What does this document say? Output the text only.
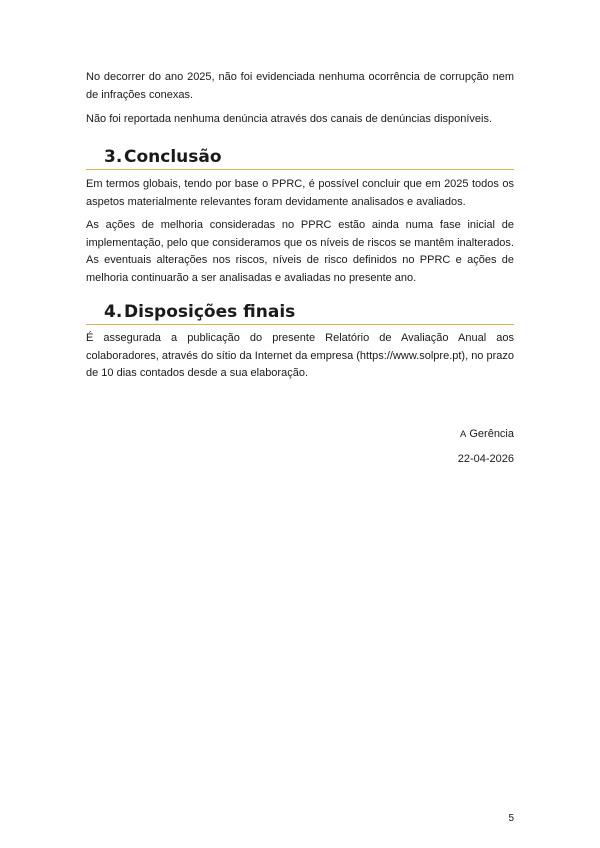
No decorrer do ano 2025, não foi evidenciada nenhuma ocorrência de corrupção nem de infrações conexas.

Não foi reportada nenhuma denúncia através dos canais de denúncias disponíveis.

3. Conclusão

Em termos globais, tendo por base o PPRC, é possível concluir que em 2025 todos os aspetos materialmente relevantes foram devidamente analisados e avaliados.

As ações de melhoria consideradas no PPRC estão ainda numa fase inicial de implementação, pelo que consideramos que os níveis de riscos se mantêm inalterados. As eventuais alterações nos riscos, níveis de risco definidos no PPRC e ações de melhoria continuarão a ser analisadas e avaliadas no presente ano.

4. Disposições finais

É assegurada a publicação do presente Relatório de Avaliação Anual aos colaboradores, através do sítio da Internet da empresa (https://www.solpre.pt), no prazo de 10 dias contados desde a sua elaboração.

A Gerência
22-04-2026
5
